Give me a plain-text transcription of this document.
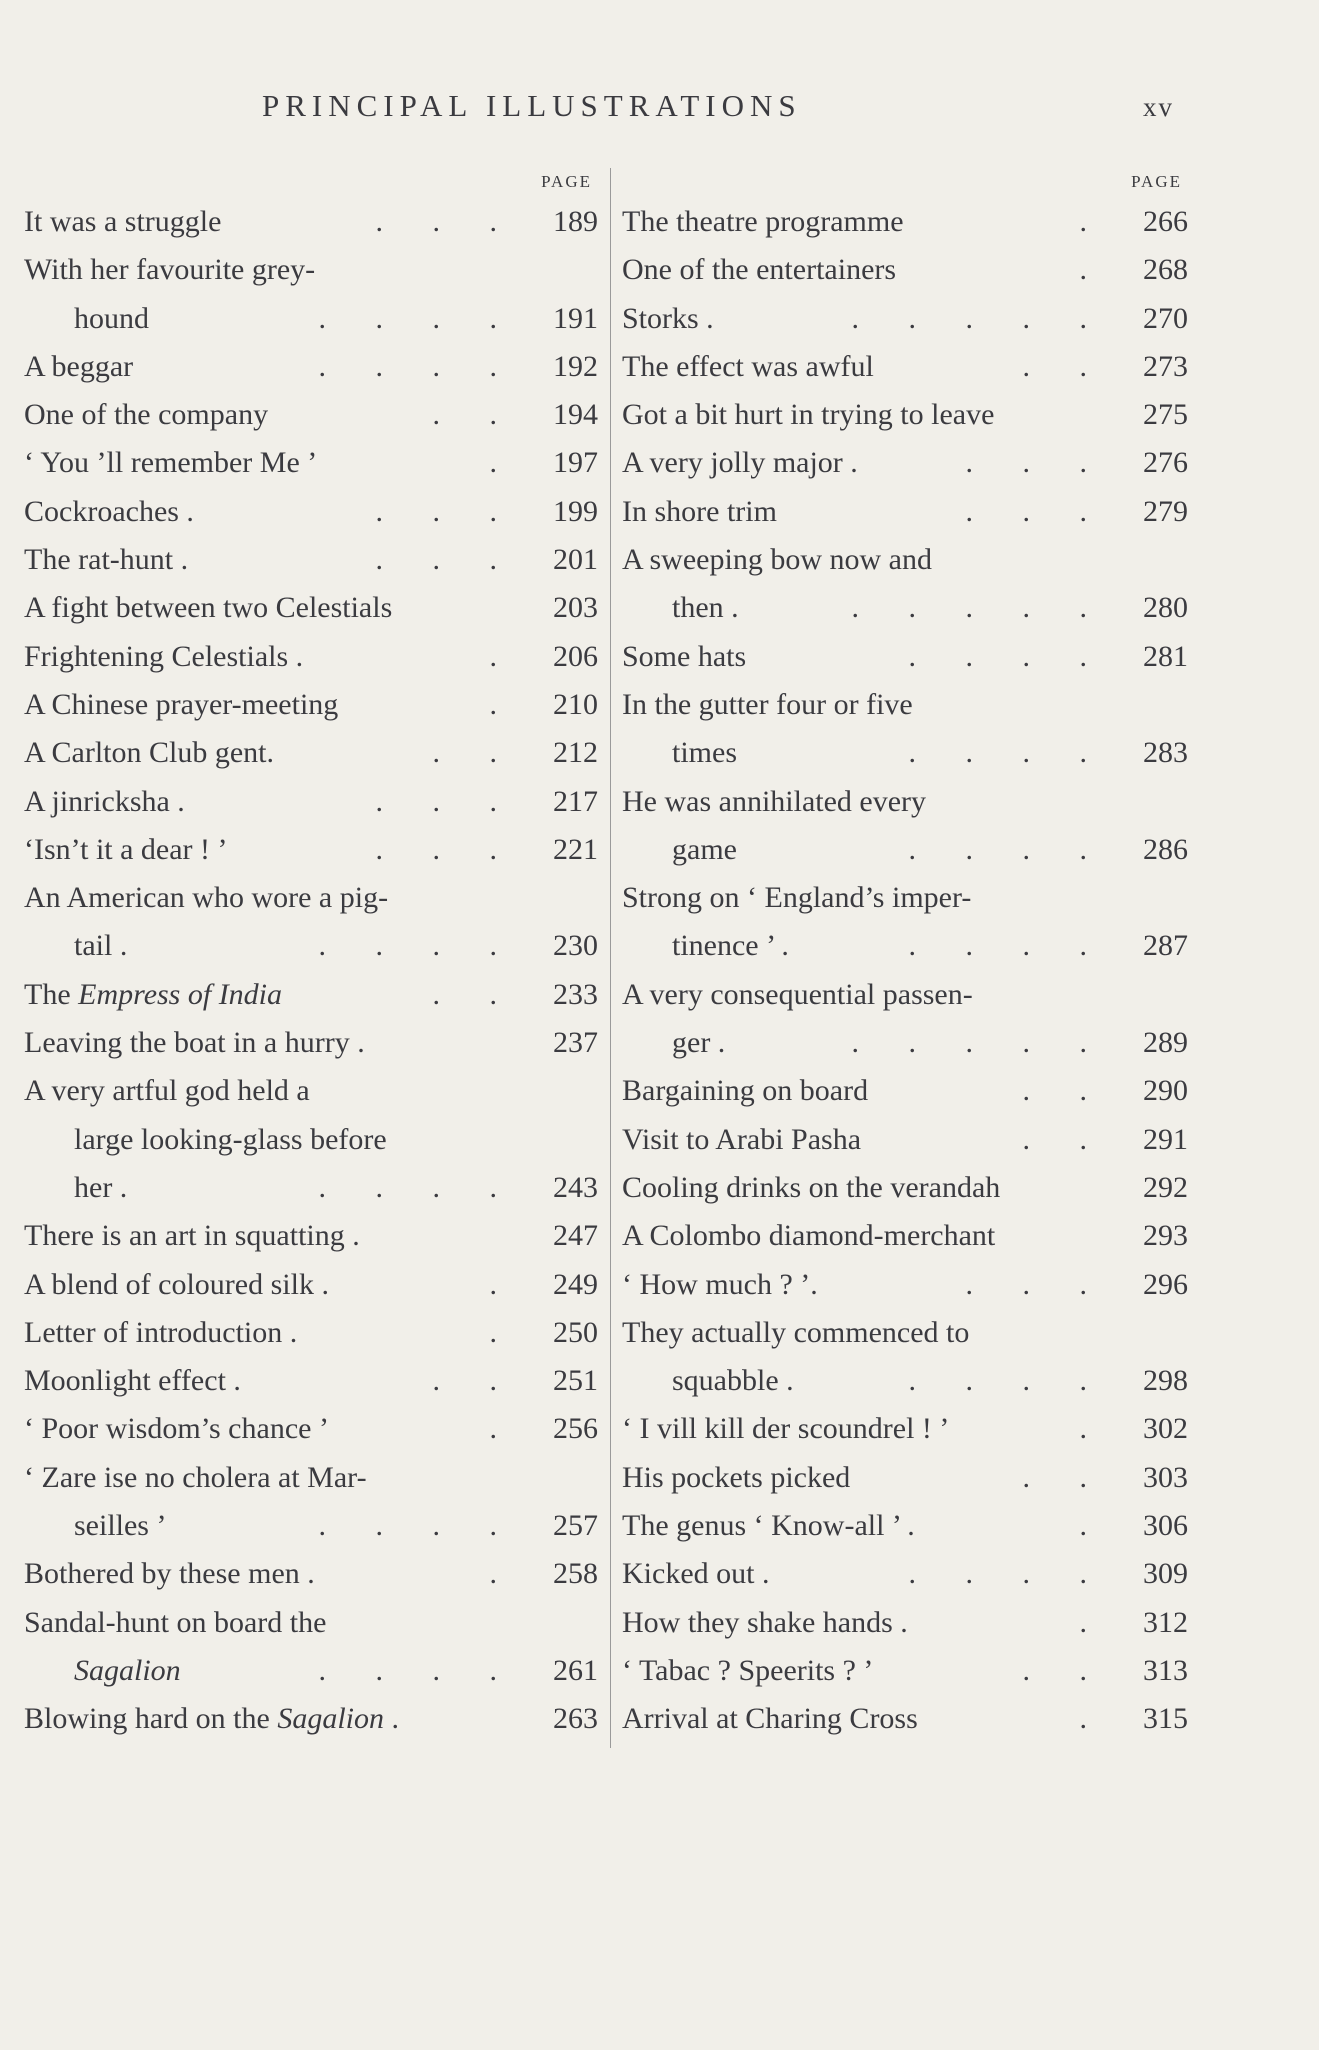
PRINCIPAL ILLUSTRATIONS	xv
PAGE
It was a struggle	. . .	189
With her favourite grey-
hound	. . . .	191
A beggar	. . . .	192
One of the company	. .	194
‘ You ’ll remember Me ’	.	197
Cockroaches .	. . .	199
The rat-hunt .	. . .	201
A fight between two Celestials	203
Frightening Celestials .	.	206
A Chinese prayer-meeting	.	210
A Carlton Club gent.	. .	212
A jinricksha .	. . .	217
‘Isn’t it a dear ! ’	. . .	221
An American who wore a pig-
tail .	. . . .	230
The Empress of India	. .	233
Leaving the boat in a hurry .	237
A very artful god held a
large looking-glass before
her .	. . . .	243
There is an art in squatting .	247
A blend of coloured silk .	.	249
Letter of introduction .	.	250
Moonlight effect .	. .	251
‘ Poor wisdom’s chance ’	.	256
‘ Zare ise no cholera at Mar-
seilles ’	. . . .	257
Bothered by these men .	.	258
Sandal-hunt on board the
Sagalion	. . . .	261
Blowing hard on the Sagalion .	263
PAGE
The theatre programme	.	266
One of the entertainers	.	268
Storks .	. . . . .	270
The effect was awful	. .	273
Got a bit hurt in trying to leave	275
A very jolly major .	. . .	276
In shore trim	. . .	279
A sweeping bow now and
then .	. . . . .	280
Some hats	. . . .	281
In the gutter four or five
times	. . . .	283
He was annihilated every
game	. . . .	286
Strong on ‘ England’s imper-
tinence ’ .	. . . .	287
A very consequential passen-
ger .	. . . . .	289
Bargaining on board	. .	290
Visit to Arabi Pasha	. .	291
Cooling drinks on the verandah	292
A Colombo diamond-merchant	293
‘ How much ? ’.	. . .	296
They actually commenced to
squabble .	. . . .	298
‘ I vill kill der scoundrel ! ’	.	302
His pockets picked	. .	303
The genus ‘ Know-all ’ .	.	306
Kicked out .	. . . .	309
How they shake hands .	.	312
‘ Tabac ? Speerits ? ’	. .	313
Arrival at Charing Cross	.	315
